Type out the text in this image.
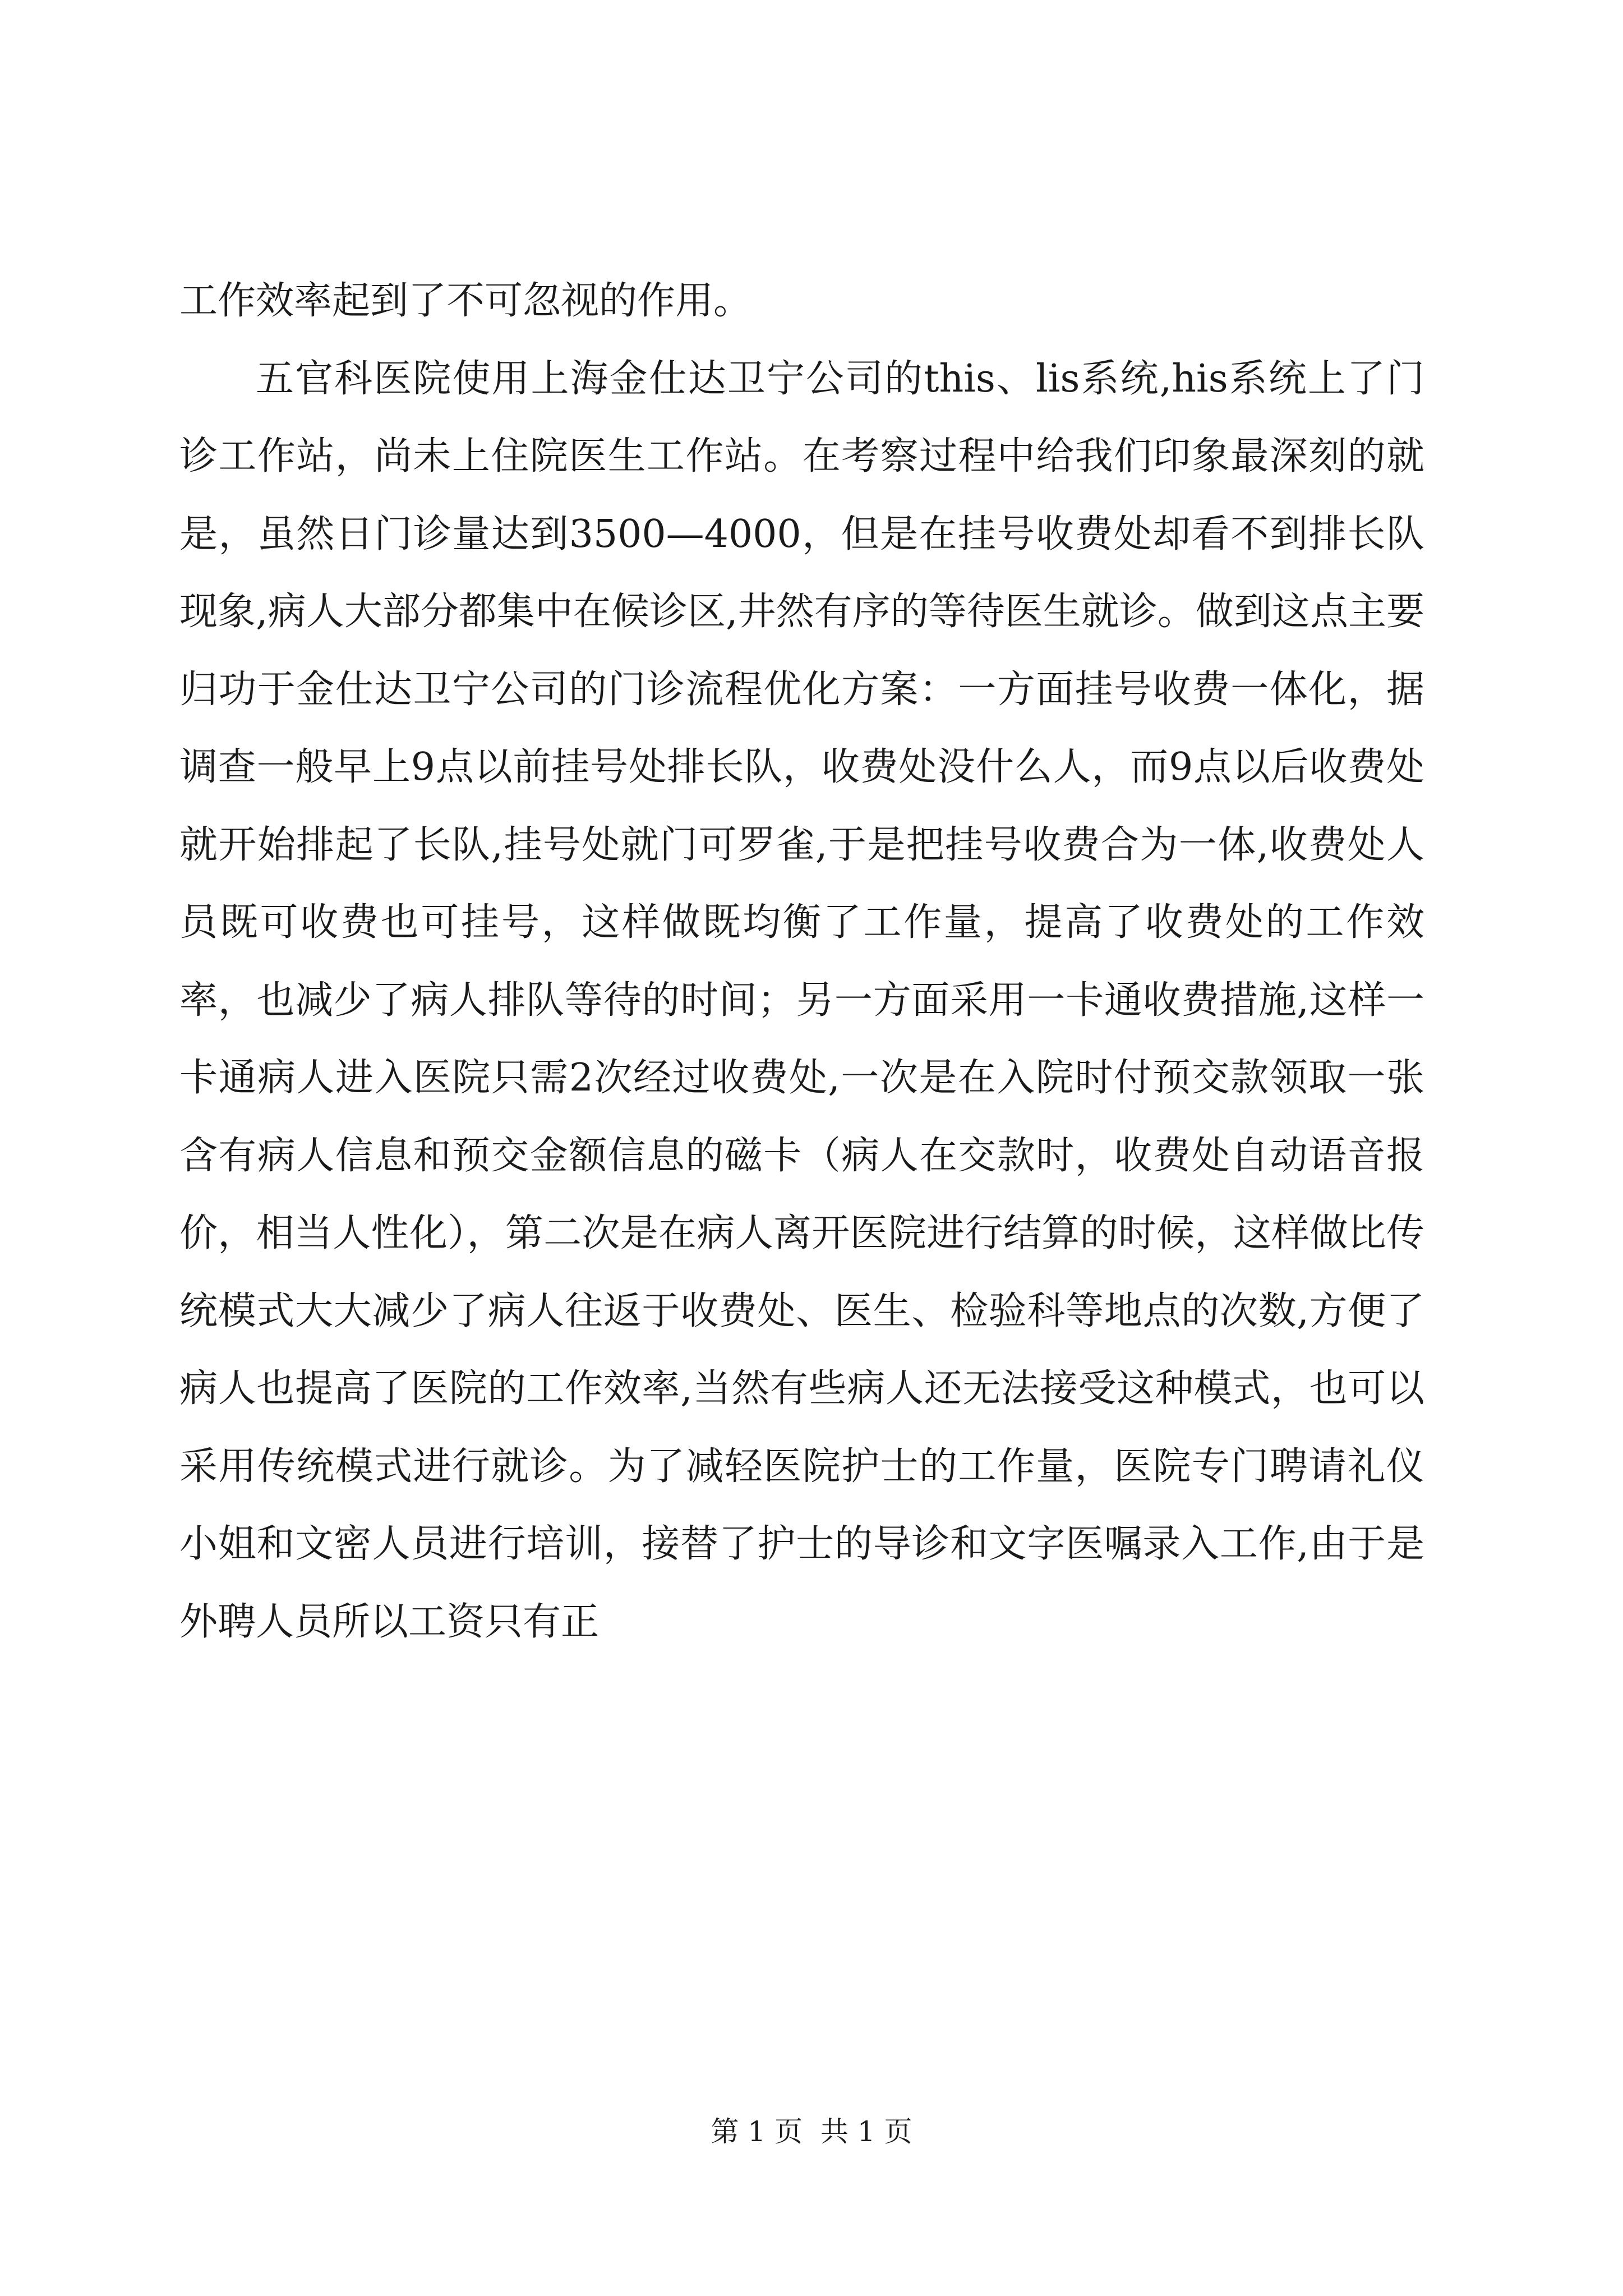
工作效率起到了不可忽视的作用。

五官科医院使用上海金仕达卫宁公司的this、lis系统,his系统上了门诊工作站，尚未上住院医生工作站。在考察过程中给我们印象最深刻的就是，虽然日门诊量达到3500—4000，但是在挂号收费处却看不到排长队现象,病人大部分都集中在候诊区,井然有序的等待医生就诊。做到这点主要归功于金仕达卫宁公司的门诊流程优化方案：一方面挂号收费一体化，据调查一般早上9点以前挂号处排长队，收费处没什么人，而9点以后收费处就开始排起了长队,挂号处就门可罗雀,于是把挂号收费合为一体,收费处人员既可收费也可挂号，这样做既均衡了工作量，提高了收费处的工作效率，也减少了病人排队等待的时间；另一方面采用一卡通收费措施,这样一卡通病人进入医院只需2次经过收费处,一次是在入院时付预交款领取一张含有病人信息和预交金额信息的磁卡（病人在交款时，收费处自动语音报价，相当人性化），第二次是在病人离开医院进行结算的时候，这样做比传统模式大大减少了病人往返于收费处、医生、检验科等地点的次数,方便了病人也提高了医院的工作效率,当然有些病人还无法接受这种模式，也可以采用传统模式进行就诊。为了减轻医院护士的工作量，医院专门聘请礼仪小姐和文密人员进行培训，接替了护士的导诊和文字医嘱录入工作,由于是外聘人员所以工资只有正

第 1 页  共 1 页
